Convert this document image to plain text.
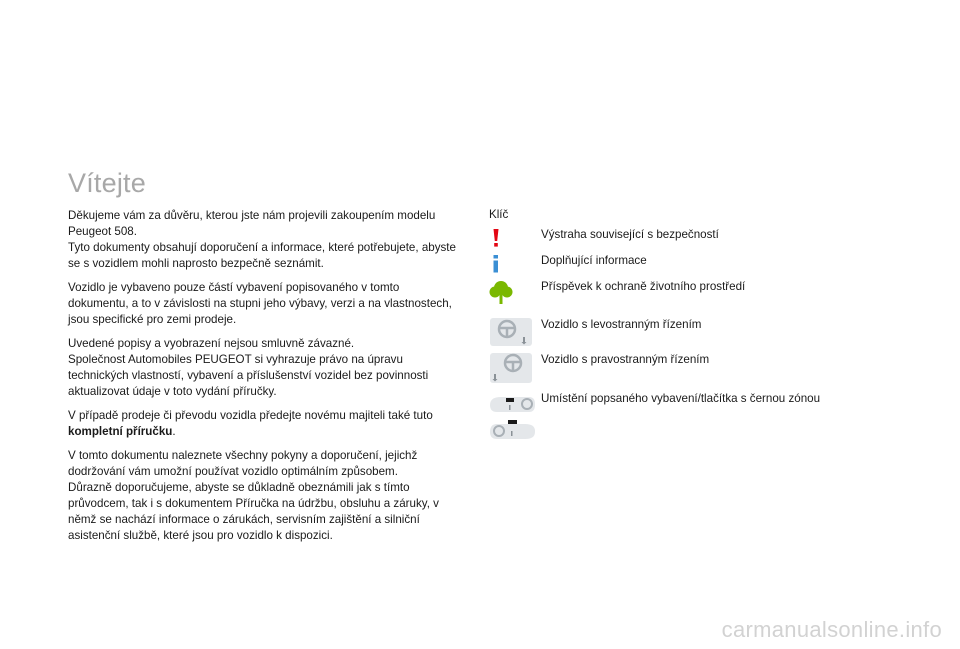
Vítejte

Děkujeme vám za důvěru, kterou jste nám projevili zakoupením modelu Peugeot 508.
Tyto dokumenty obsahují doporučení a informace, které potřebujete, abyste se s vozidlem mohli naprosto bezpečně seznámit.

Vozidlo je vybaveno pouze částí vybavení popisovaného v tomto dokumentu, a to v závislosti na stupni jeho výbavy, verzi a na vlastnostech, jsou specifické pro zemi prodeje.

Uvedené popisy a vyobrazení nejsou smluvně závazné.
Společnost Automobiles PEUGEOT si vyhrazuje právo na úpravu technických vlastností, vybavení a příslušenství vozidel bez povinnosti aktualizovat údaje v toto vydání příručky.

V případě prodeje či převodu vozidla předejte novému majiteli také tuto kompletní příručku.

V tomto dokumentu naleznete všechny pokyny a doporučení, jejichž dodržování vám umožní používat vozidlo optimálním způsobem.
Důrazně doporučujeme, abyste se důkladně obeznámili jak s tímto průvodcem, tak i s dokumentem Příručka na údržbu, obsluhu a záruky, v němž se nachází informace o zárukách, servisním zajištění a silniční asistenční službě, které jsou pro vozidlo k dispozici.

Klíč
Výstraha související s bezpečností
Doplňující informace
Příspěvek k ochraně životního prostředí
Vozidlo s levostranným řízením
Vozidlo s pravostranným řízením
Umístění popsaného vybavení/tlačítka s černou zónou
carmanualsonline.info
